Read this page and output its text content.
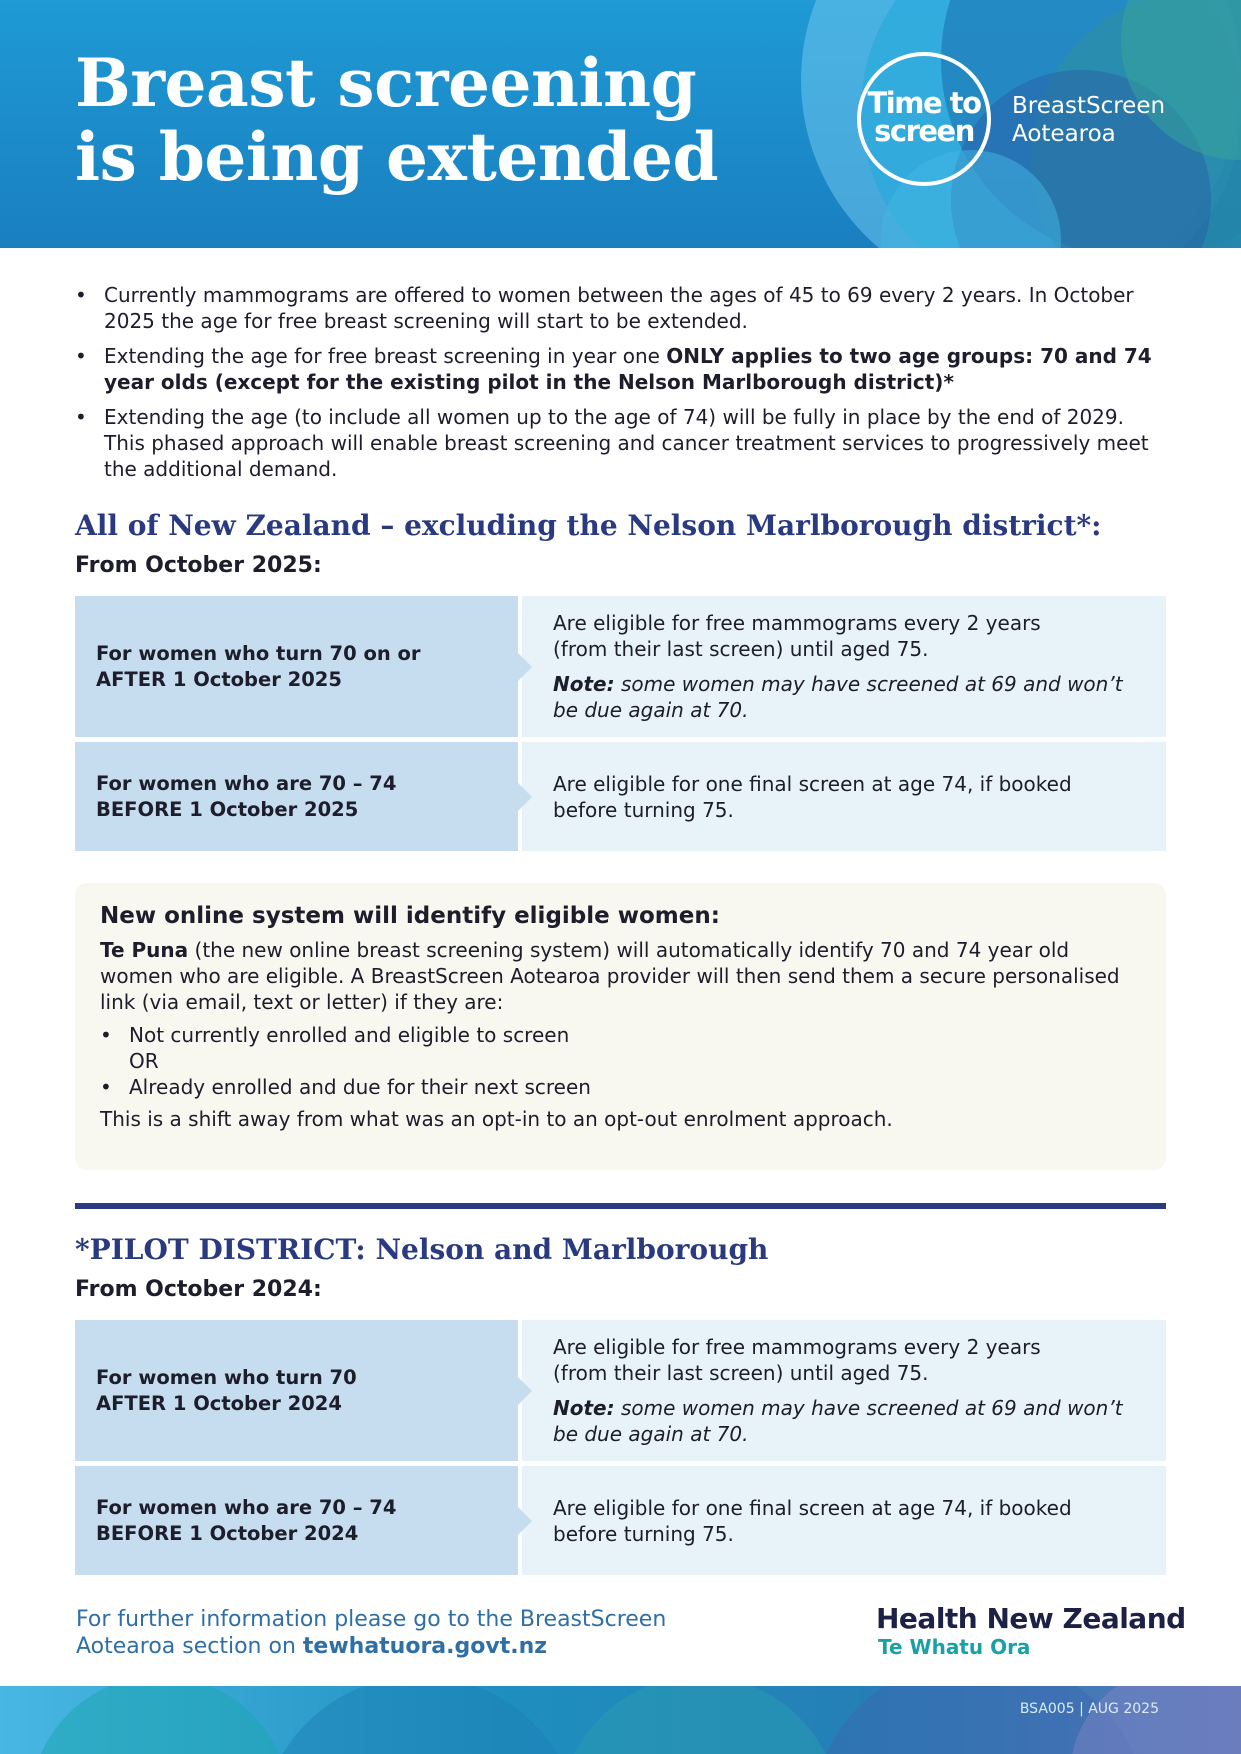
Breast screening
is being extended
Time to
screen
BreastScreen
Aotearoa
• Currently mammograms are offered to women between the ages of 45 to 69 every 2 years. In October 2025 the age for free breast screening will start to be extended.
• Extending the age for free breast screening in year one ONLY applies to two age groups: 70 and 74 year olds (except for the existing pilot in the Nelson Marlborough district)*
• Extending the age (to include all women up to the age of 74) will be fully in place by the end of 2029. This phased approach will enable breast screening and cancer treatment services to progressively meet the additional demand.
All of New Zealand – excluding the Nelson Marlborough district*:
From October 2025:
For women who turn 70 on or
AFTER 1 October 2025
Are eligible for free mammograms every 2 years
(from their last screen) until aged 75.
Note: some women may have screened at 69 and won’t be due again at 70.
For women who are 70 – 74
BEFORE 1 October 2025
Are eligible for one final screen at age 74, if booked
before turning 75.
New online system will identify eligible women:

Te Puna (the new online breast screening system) will automatically identify 70 and 74 year old women who are eligible. A BreastScreen Aotearoa provider will then send them a secure personalised link (via email, text or letter) if they are:

• Not currently enrolled and eligible to screen
OR
• Already enrolled and due for their next screen

This is a shift away from what was an opt-in to an opt-out enrolment approach.

*PILOT DISTRICT: Nelson and Marlborough
From October 2024:
For women who turn 70
AFTER 1 October 2024
Are eligible for free mammograms every 2 years
(from their last screen) until aged 75.
Note: some women may have screened at 69 and won’t be due again at 70.
For women who are 70 – 74
BEFORE 1 October 2024
Are eligible for one final screen at age 74, if booked
before turning 75.
For further information please go to the BreastScreen
Aotearoa section on tewhatuora.govt.nz
Health New Zealand
Te Whatu Ora
BSA005 | AUG 2025
